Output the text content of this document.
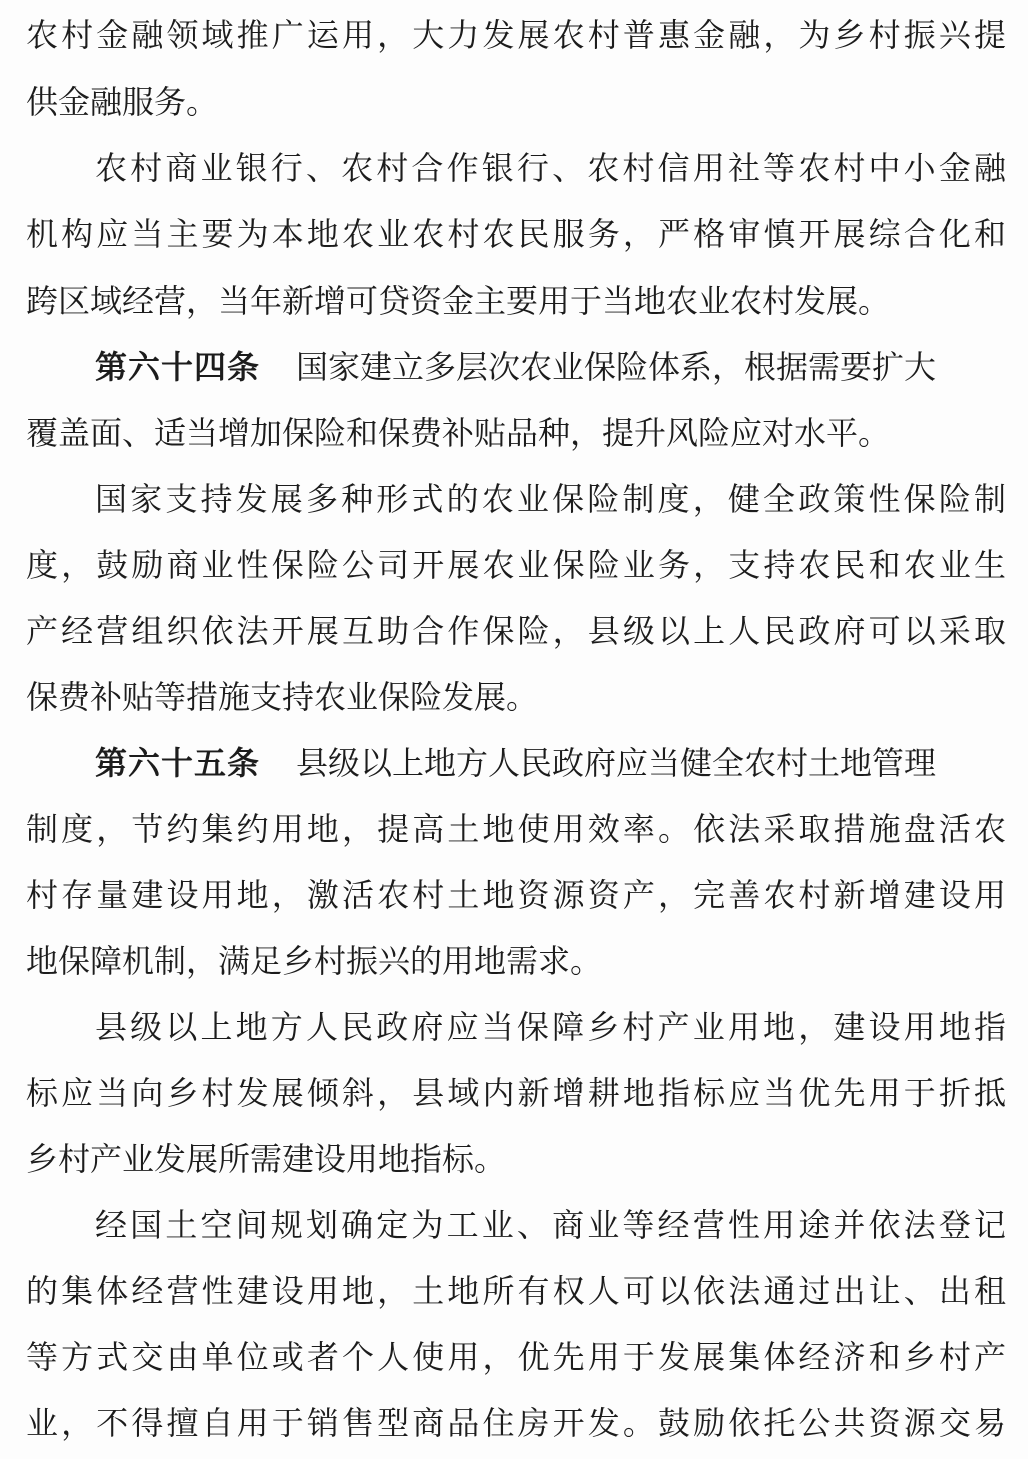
农村金融领域推广运用，大力发展农村普惠金融，为乡村振兴提
供金融服务。
农村商业银行、农村合作银行、农村信用社等农村中小金融
机构应当主要为本地农业农村农民服务，严格审慎开展综合化和
跨区域经营，当年新增可贷资金主要用于当地农业农村发展。
第六十四条 国家建立多层次农业保险体系，根据需要扩大
覆盖面、适当增加保险和保费补贴品种，提升风险应对水平。
国家支持发展多种形式的农业保险制度，健全政策性保险制
度，鼓励商业性保险公司开展农业保险业务，支持农民和农业生
产经营组织依法开展互助合作保险，县级以上人民政府可以采取
保费补贴等措施支持农业保险发展。
第六十五条 县级以上地方人民政府应当健全农村土地管理
制度，节约集约用地，提高土地使用效率。依法采取措施盘活农
村存量建设用地，激活农村土地资源资产，完善农村新增建设用
地保障机制，满足乡村振兴的用地需求。
县级以上地方人民政府应当保障乡村产业用地，建设用地指
标应当向乡村发展倾斜，县域内新增耕地指标应当优先用于折抵
乡村产业发展所需建设用地指标。
经国土空间规划确定为工业、商业等经营性用途并依法登记
的集体经营性建设用地，土地所有权人可以依法通过出让、出租
等方式交由单位或者个人使用，优先用于发展集体经济和乡村产
业，不得擅自用于销售型商品住房开发。鼓励依托公共资源交易
